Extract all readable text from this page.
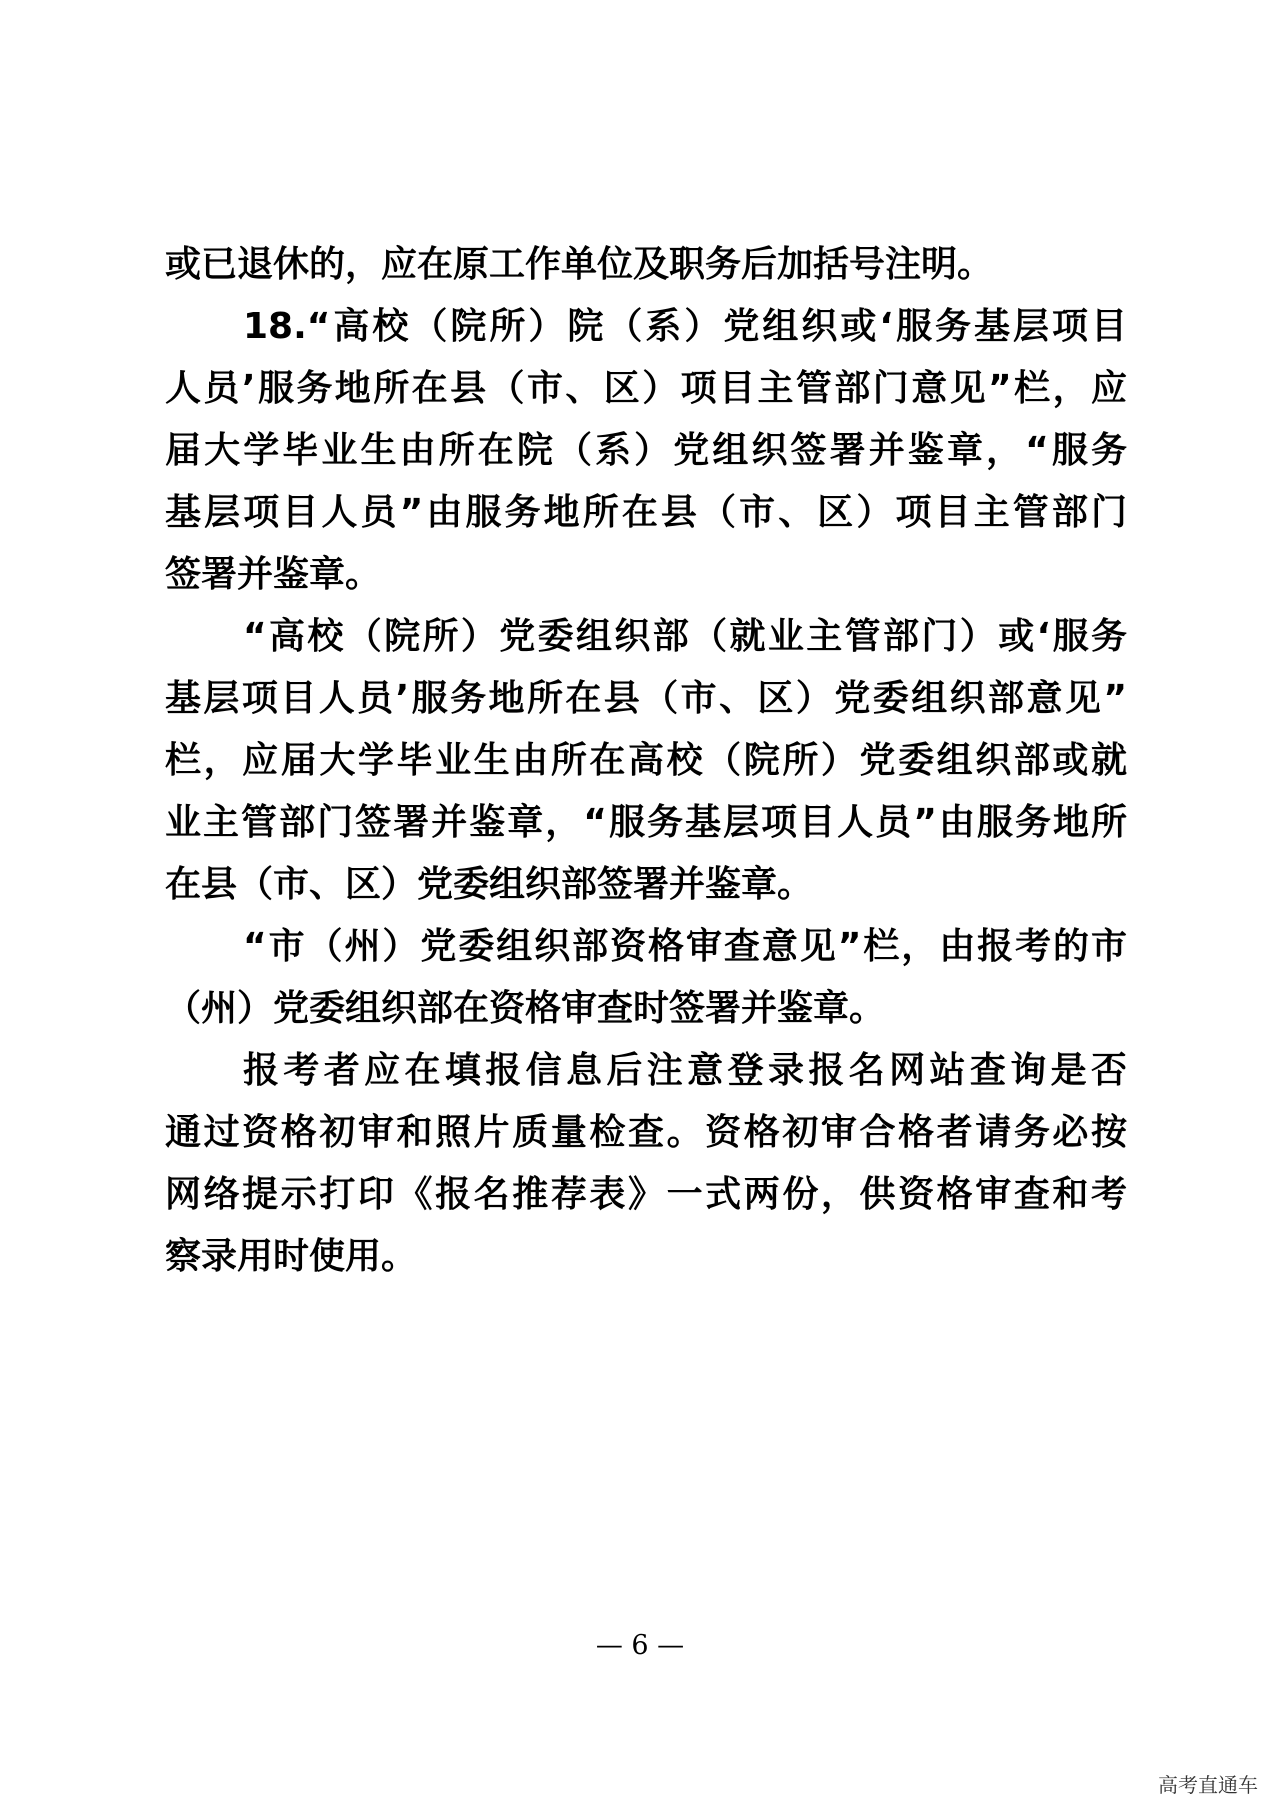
或已退休的，应在原工作单位及职务后加括号注明。
18.“高校（院所）院（系）党组织或‘服务基层项目
人员’服务地所在县（市、区）项目主管部门意见”栏，应
届大学毕业生由所在院（系）党组织签署并鉴章，“服务
基层项目人员”由服务地所在县（市、区）项目主管部门
签署并鉴章。
“高校（院所）党委组织部（就业主管部门）或‘服务
基层项目人员’服务地所在县（市、区）党委组织部意见”
栏，应届大学毕业生由所在高校（院所）党委组织部或就
业主管部门签署并鉴章，“服务基层项目人员”由服务地所
在县（市、区）党委组织部签署并鉴章。
“市（州）党委组织部资格审查意见”栏，由报考的市
（州）党委组织部在资格审查时签署并鉴章。
报考者应在填报信息后注意登录报名网站查询是否
通过资格初审和照片质量检查。资格初审合格者请务必按
网络提示打印《报名推荐表》一式两份，供资格审查和考
察录用时使用。
— 6 —
高考直通车
